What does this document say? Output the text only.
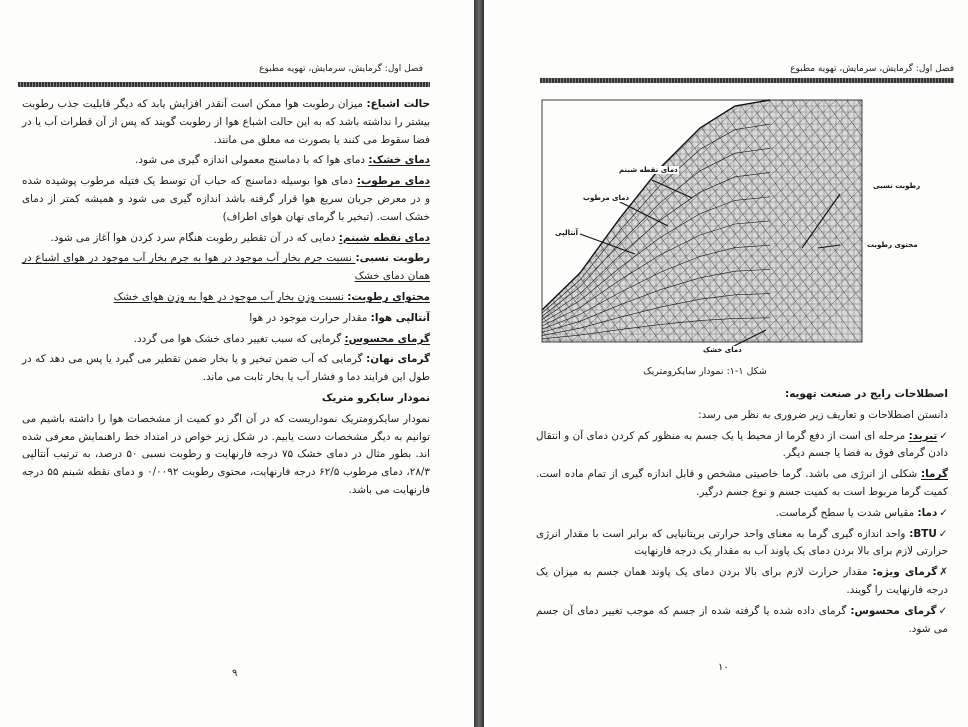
فصل اول: گرمایش، سرمایش، تهویه مطبوع

حالت اشباع: میزان رطوبت هوا ممکن است آنقدر افزایش یابد که دیگر قابلیت جذب رطوبت بیشتر را نداشته باشد که به این حالت اشباع هوا از رطوبت گویند که پس از آن قطرات آب یا در فضا سقوط می کنند یا بصورت مه معلق می مانند.

دمای خشک: دمای هوا که با دماسنج معمولی اندازه گیری می شود.

دمای مرطوب: دمای هوا بوسیله دماسنج که حباب آن توسط یک فتیله مرطوب پوشیده شده و در معرض جریان سریع هوا قرار گرفته باشد اندازه گیری می شود و همیشه کمتر از دمای خشک است. (تبخیر با گرمای نهان هوای اطراف)

دمای نقطه شبنم: دمایی که در آن تقطیر رطوبت هنگام سرد کردن هوا آغاز می شود.

رطوبت نسبی: نسبت جرم بخار آب موجود در هوا به جرم بخار آب موجود در هوای اشباع در همان دمای خشک

محتوای رطوبت: نسبت وزن بخار آب موجود در هوا به وزن هوای خشک

آنتالپی هوا: مقدار حرارت موجود در هوا

گرمای محسوس: گرمایی که سبب تغییر دمای خشک هوا می گردد.

گرمای نهان: گرمایی که آب ضمن تبخیر و یا بخار ضمن تقطیر می گیرد یا پس می دهد که در طول این فرایند دما و فشار آب یا بخار ثابت می ماند.

نمودار سایکرو متریک

نمودار سایکرومتریک نموداریست که در آن اگر دو کمیت از مشخصات هوا را داشته باشیم می توانیم به دیگر مشخصات دست یابیم. در شکل زیر خواص در امتداد خط راهنمایش معرفی شده اند. بطور مثال در دمای خشک ۷۵ درجه فارنهایت و رطوبت نسبی ۵۰ درصد، به ترتیب آنتالپی ۲۸/۳، دمای مرطوب ۶۲/۵ درجه فارنهایت، محتوی رطوبت ۰/۰۰۹۲ و دمای نقطه شبنم ۵۵ درجه فارنهایت می باشد.

۹
فصل اول: گرمایش، سرمایش، تهویه مطبوع
دمای نقطه شبنم
دمای مرطوب
آنتالپی
رطوبت نسبی
محتوی رطوبت
دمای خشک
شکل ۱-۱: نمودار سایکرومتریک

اصطلاحات رایج در صنعت تهویه:

دانستن اصطلاحات و تعاریف زیر ضروری به نظر می رسد:

✓تبرید: مرحله ای است از دفع گرما از محیط یا یک جسم به منظور کم کردن دمای آن و انتقال دادن گرمای فوق به فضا یا جسم دیگر.

گرما: شکلی از انرژی می باشد. گرما خاصیتی مشخص و قابل اندازه گیری از تمام ماده است. کمیت گرما مربوط است به کمیت جسم و نوع جسم درگیر.

✓دما: مقیاس شدت یا سطح گرماست.

✓BTU: واحد اندازه گیری گرما به معنای واحد حرارتی بریتانیایی که برابر است با مقدار انرژی حرارتی لازم برای بالا بردن دمای یک پاوند آب به مقدار یک درجه فارنهایت

✗گرمای ویژه: مقدار حرارت لازم برای بالا بردن دمای یک پاوند همان جسم به میزان یک درجه فارنهایت را گویند.

✓گرمای محسوس: گرمای داده شده یا گرفته شده از جسم که موجب تغییر دمای آن جسم می شود.

۱۰
